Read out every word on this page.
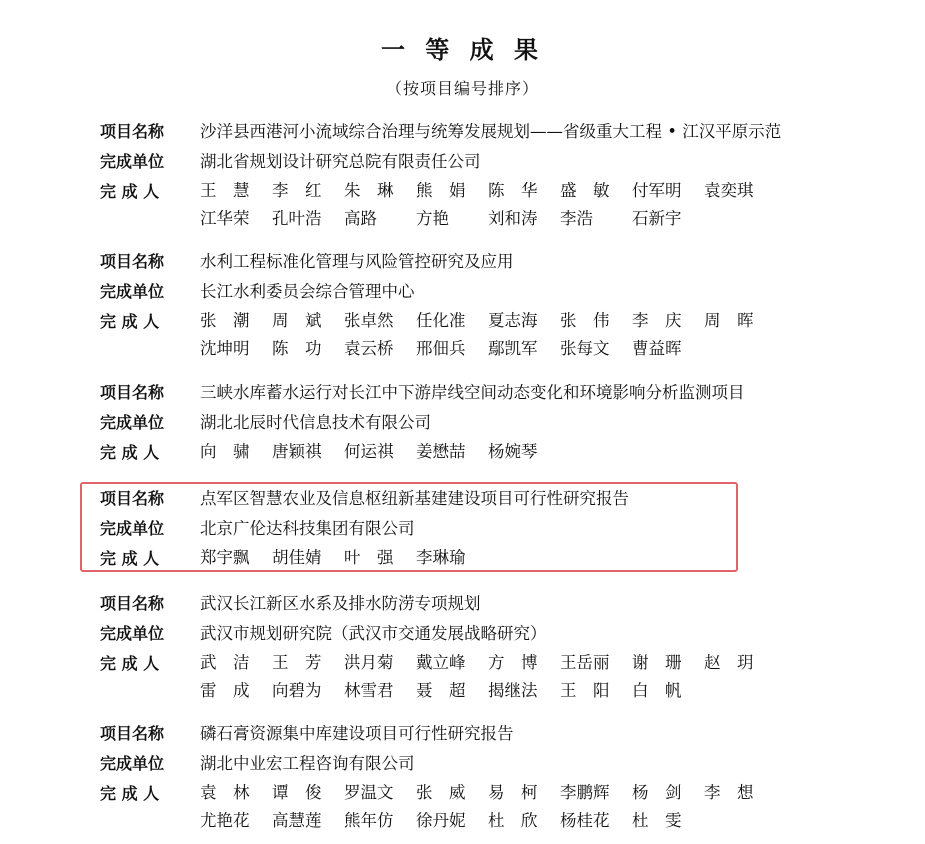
一 等 成 果

（按项目编号排序）

项目名称	沙洋县西港河小流域综合治理与统筹发展规划——省级重大工程 • 江汉平原示范
完成单位	湖北省规划设计研究总院有限责任公司
完 成 人	王　慧	李　红	朱　琳	熊　娟	陈　华	盛　敏	付军明	袁奕琪
江华荣	孔叶浩	高路	方艳	刘和涛	李浩	石新宇
项目名称	水利工程标准化管理与风险管控研究及应用
完成单位	长江水利委员会综合管理中心
完 成 人	张　潮	周　斌	张卓然	任化准	夏志海	张　伟	李　庆	周　晖
沈坤明	陈　功	袁云桥	邢佃兵	鄢凯军	张每文	曹益晖
项目名称	三峡水库蓄水运行对长江中下游岸线空间动态变化和环境影响分析监测项目
完成单位	湖北北辰时代信息技术有限公司
完 成 人	向　骕	唐颖祺	何运祺	姜懋喆	杨婉琴
项目名称	点军区智慧农业及信息枢纽新基建建设项目可行性研究报告
完成单位	北京广伦达科技集团有限公司
完 成 人	郑宇飘	胡佳婧	叶　强	李琳瑜
项目名称	武汉长江新区水系及排水防涝专项规划
完成单位	武汉市规划研究院（武汉市交通发展战略研究）
完 成 人	武　洁	王　芳	洪月菊	戴立峰	方　博	王岳丽	谢　珊	赵　玥
雷　成	向碧为	林雪君	聂　超	揭继法	王　阳	白　帆
项目名称	磷石膏资源集中库建设项目可行性研究报告
完成单位	湖北中业宏工程咨询有限公司
完 成 人	袁　林	谭　俊	罗温文	张　威	易　柯	李鹏辉	杨　剑	李　想
尤艳花	高慧莲	熊年仿	徐丹妮	杜　欣	杨桂花	杜　雯
